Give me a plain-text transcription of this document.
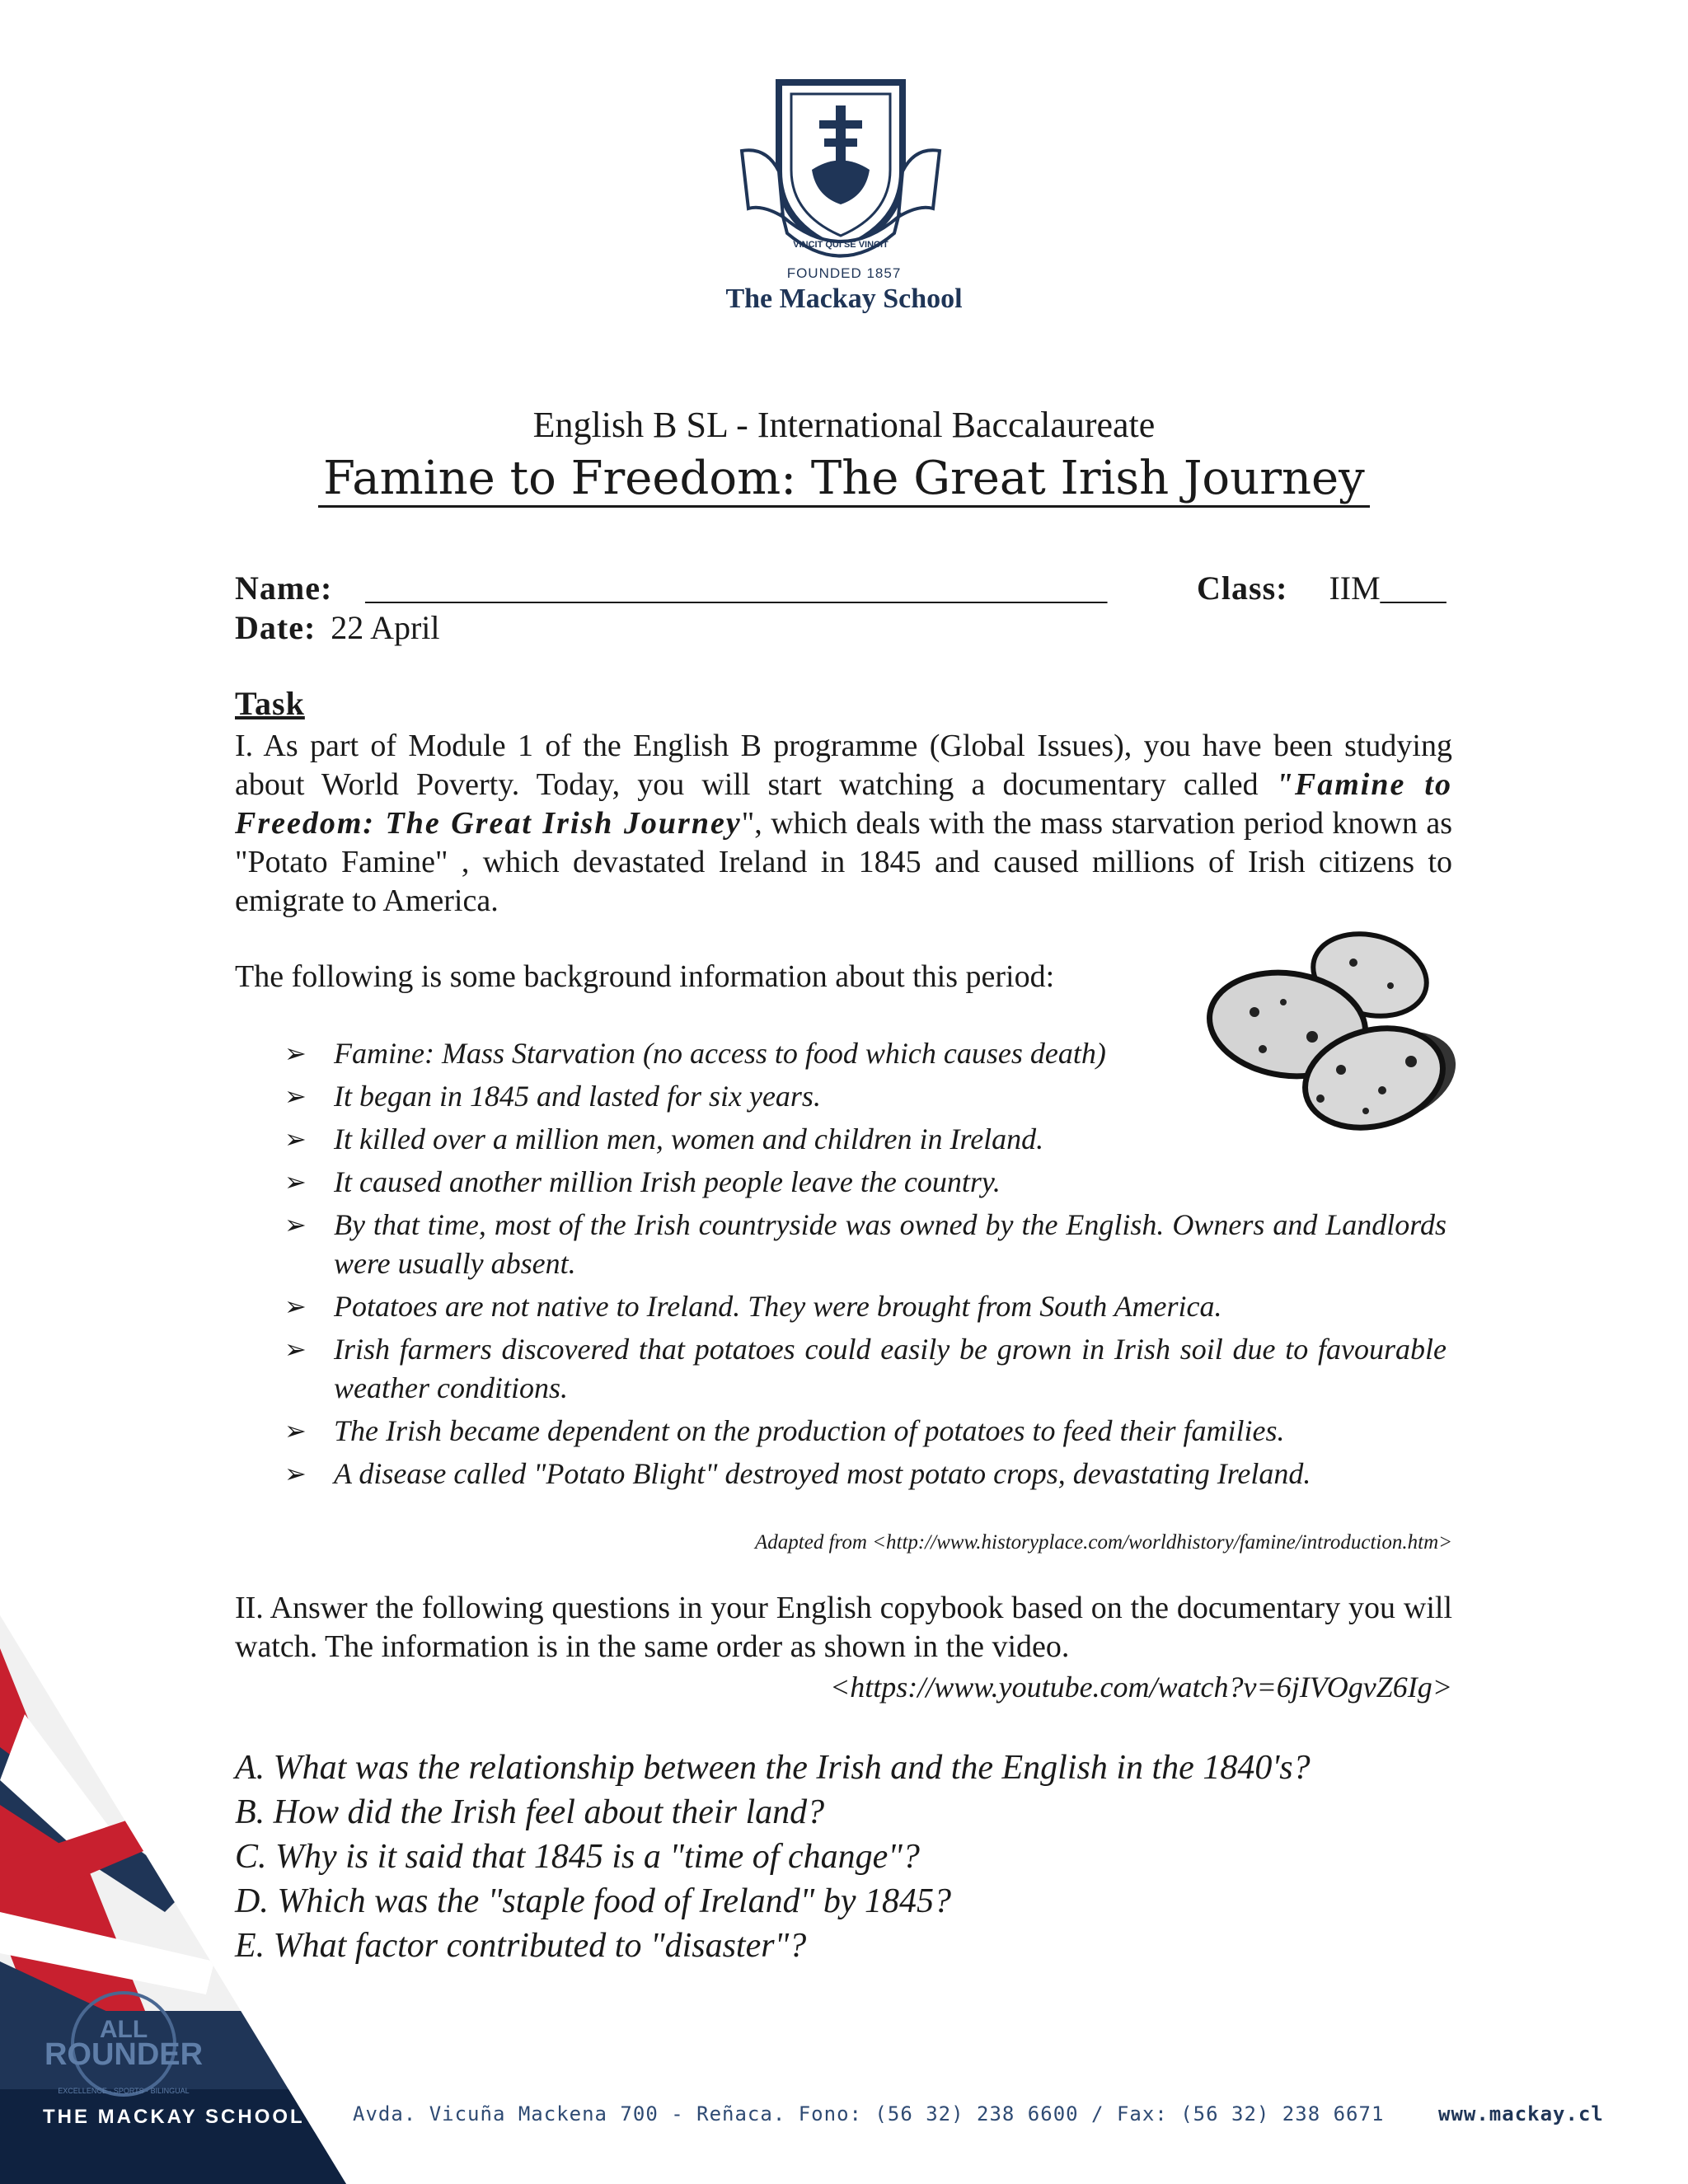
VINCIT QUI SE VINCIT
FOUNDED 1857
The Mackay School
English B SL - International Baccalaureate
Famine to Freedom: The Great Irish Journey
Name: _____________________________________________	Class: IIM____
Date: 22 April
Task
I. As part of Module 1 of the English B programme (Global Issues), you have been studying about World Poverty. Today, you will start watching a documentary called "Famine to Freedom: The Great Irish Journey", which deals with the mass starvation period known as "Potato Famine" , which devastated Ireland in 1845 and caused millions of Irish citizens to emigrate to America.
The following is some background information about this period:
➢ Famine: Mass Starvation (no access to food which causes death)
➢ It began in 1845 and lasted for six years.
➢ It killed over a million men, women and children in Ireland.
➢ It caused another million Irish people leave the country.
➢ By that time, most of the Irish countryside was owned by the English. Owners and Landlords were usually absent.
➢ Potatoes are not native to Ireland. They were brought from South America.
➢ Irish farmers discovered that potatoes could easily be grown in Irish soil due to favourable weather conditions.
➢ The Irish became dependent on the production of potatoes to feed their families.
➢ A disease called "Potato Blight" destroyed most potato crops, devastating Ireland.
Adapted from <http://www.historyplace.com/worldhistory/famine/introduction.htm>
II. Answer the following questions in your English copybook based on the documentary you will watch. The information is in the same order as shown in the video.
<https://www.youtube.com/watch?v=6jIVOgvZ6Ig>
A. What was the relationship between the Irish and the English in the 1840's?
B. How did the Irish feel about their land?
C. Why is it said that 1845 is a "time of change"?
D. Which was the "staple food of Ireland" by 1845?
E. What factor contributed to "disaster"?
ALL
ROUNDER
EXCELLENCE · SPORTS · BILINGUAL
THE MACKAY SCHOOL Avda. Vicuña Mackena 700 - Reñaca. Fono: (56 32) 238 6600 / Fax: (56 32) 238 6671	www.mackay.cl
